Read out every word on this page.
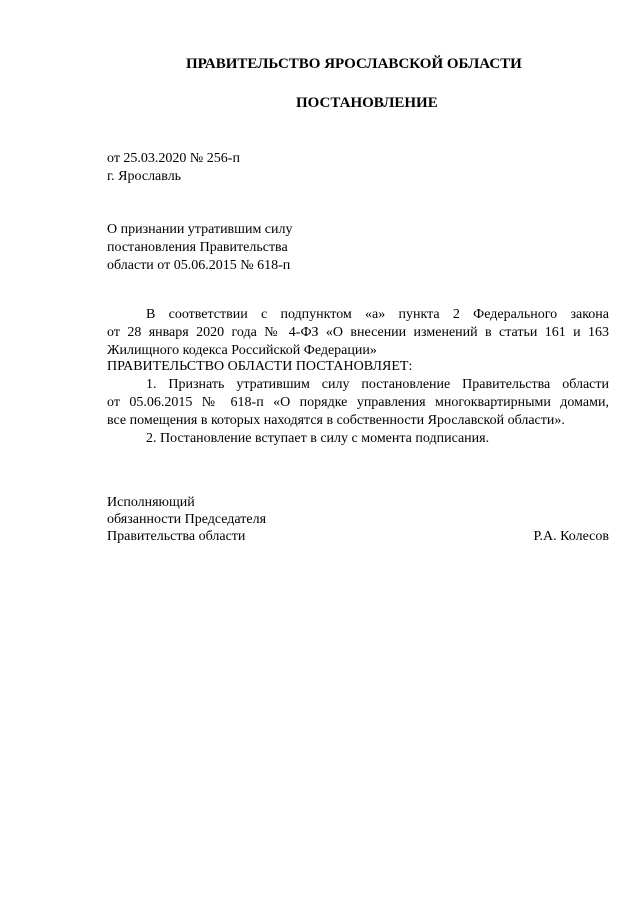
ПРАВИТЕЛЬСТВО ЯРОСЛАВСКОЙ ОБЛАСТИ
ПОСТАНОВЛЕНИЕ
от 25.03.2020 № 256-п
г. Ярославль
О признании утратившим силу
постановления Правительства
области от 05.06.2015 № 618-п
В соответствии с подпунктом «а» пункта 2 Федерального закона
от 28 января 2020 года № 4-ФЗ «О внесении изменений в статьи 161 и 163
Жилищного кодекса Российской Федерации»
ПРАВИТЕЛЬСТВО ОБЛАСТИ ПОСТАНОВЛЯЕТ:
1. Признать утратившим силу постановление Правительства области
от 05.06.2015 № 618-п «О порядке управления многоквартирными домами,
все помещения в которых находятся в собственности Ярославской области».
2. Постановление вступает в силу с момента подписания.
Исполняющий
обязанности Председателя
Правительства области	Р.А. Колесов
